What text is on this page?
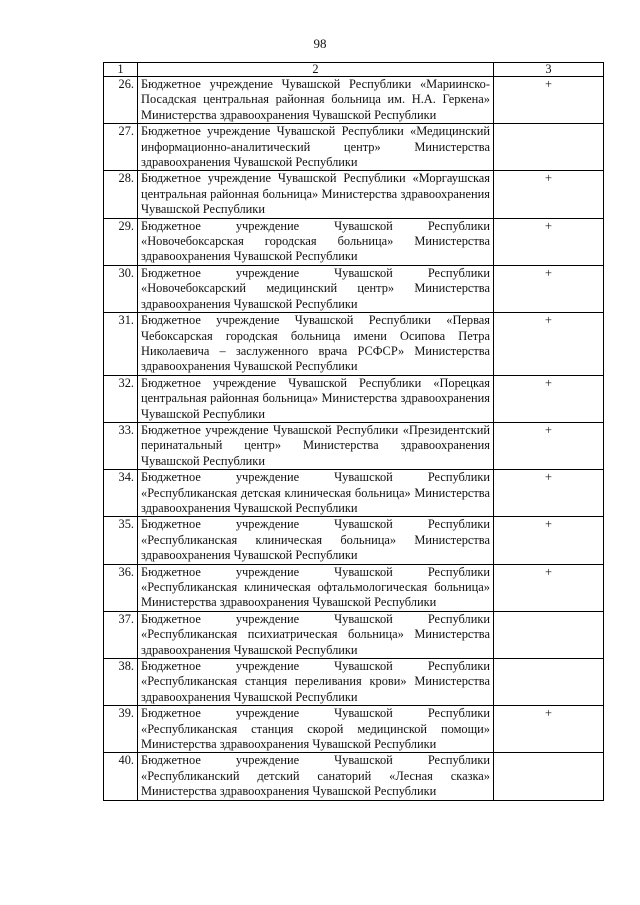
98
1	2	3
26.	Бюджетное учреждение Чувашской Республики «Мариинско-Посадская центральная районная больница им. Н.А. Геркена» Министерства здравоохранения Чувашской Республики	+
27.	Бюджетное учреждение Чувашской Республики «Медицинский информационно-аналитический центр» Министерства здравоохранения Чувашской Республики	
28.	Бюджетное учреждение Чувашской Республики «Моргаушская центральная районная больница» Министерства здравоохранения Чувашской Республики	+
29.	Бюджетное учреждение Чувашской Республики «Новочебоксарская городская больница» Министерства здравоохранения Чувашской Республики	+
30.	Бюджетное учреждение Чувашской Республики «Новочебоксарский медицинский центр» Министерства здравоохранения Чувашской Республики	+
31.	Бюджетное учреждение Чувашской Республики «Первая Чебоксарская городская больница имени Осипова Петра Николаевича – заслуженного врача РСФСР» Министерства здравоохранения Чувашской Республики	+
32.	Бюджетное учреждение Чувашской Республики «Порецкая центральная районная больница» Министерства здравоохранения Чувашской Республики	+
33.	Бюджетное учреждение Чувашской Республики «Президентский перинатальный центр» Министерства здравоохранения Чувашской Республики	+
34.	Бюджетное учреждение Чувашской Республики «Республиканская детская клиническая больница» Министерства здравоохранения Чувашской Республики	+
35.	Бюджетное учреждение Чувашской Республики «Республиканская клиническая больница» Министерства здравоохранения Чувашской Республики	+
36.	Бюджетное учреждение Чувашской Республики «Республиканская клиническая офтальмологическая больница» Министерства здравоохранения Чувашской Республики	+
37.	Бюджетное учреждение Чувашской Республики «Республиканская психиатрическая больница» Министерства здравоохранения Чувашской Республики	
38.	Бюджетное учреждение Чувашской Республики «Республиканская станция переливания крови» Министерства здравоохранения Чувашской Республики	
39.	Бюджетное учреждение Чувашской Республики «Республиканская станция скорой медицинской помощи» Министерства здравоохранения Чувашской Республики	+
40.	Бюджетное учреждение Чувашской Республики «Республиканский детский санаторий «Лесная сказка» Министерства здравоохранения Чувашской Республики	
